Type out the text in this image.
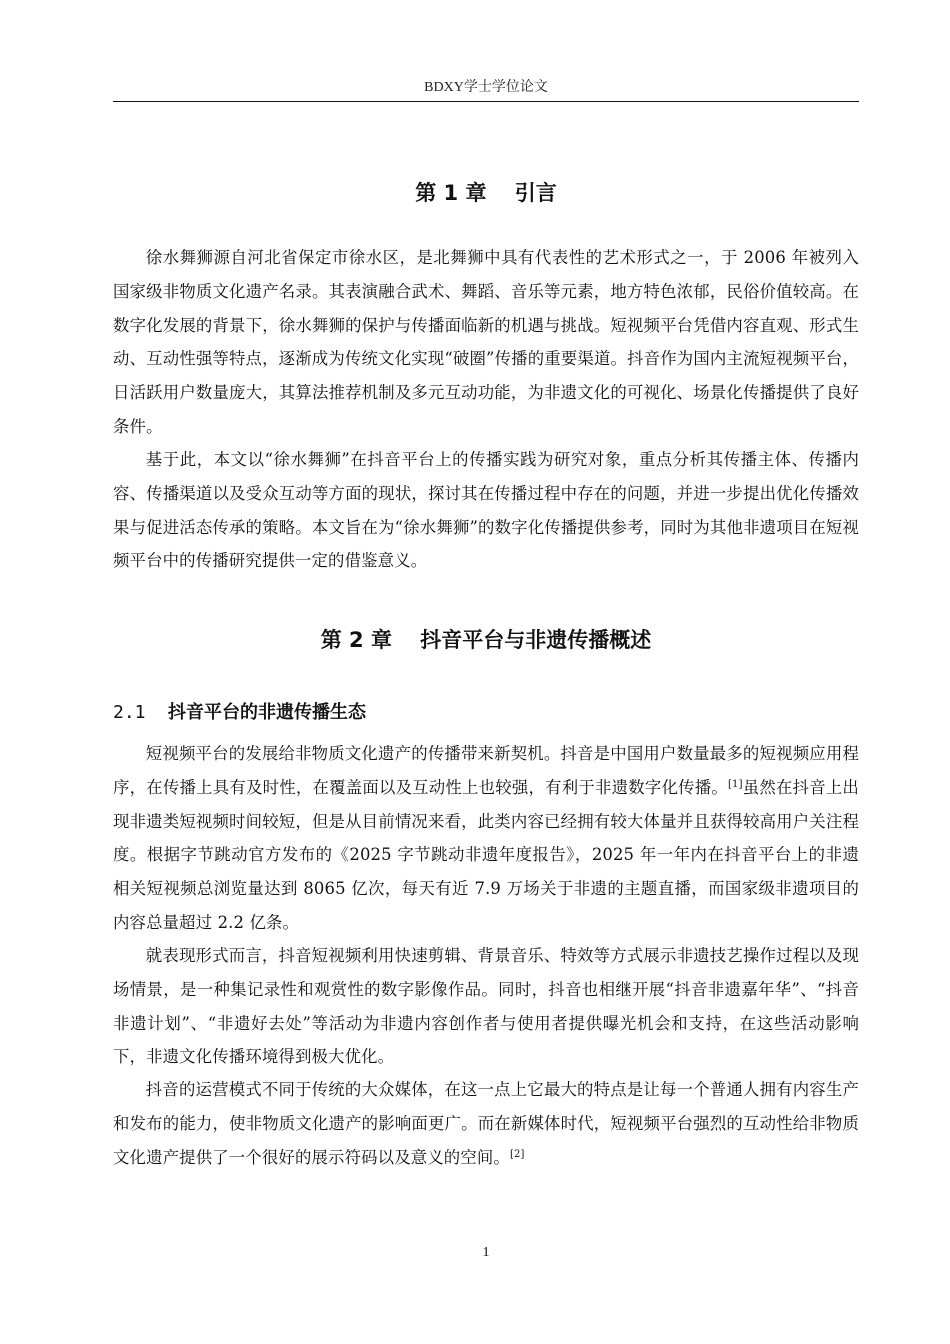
BDXY学士学位论文
第 1 章　 引言

徐水舞狮源自河北省保定市徐水区，是北舞狮中具有代表性的艺术形式之一，于 2006 年被列入国家级非物质文化遗产名录。其表演融合武术、舞蹈、音乐等元素，地方特色浓郁，民俗价值较高。在数字化发展的背景下，徐水舞狮的保护与传播面临新的机遇与挑战。短视频平台凭借内容直观、形式生动、互动性强等特点，逐渐成为传统文化实现“破圈”传播的重要渠道。抖音作为国内主流短视频平台，日活跃用户数量庞大，其算法推荐机制及多元互动功能，为非遗文化的可视化、场景化传播提供了良好条件。

基于此，本文以“徐水舞狮”在抖音平台上的传播实践为研究对象，重点分析其传播主体、传播内容、传播渠道以及受众互动等方面的现状，探讨其在传播过程中存在的问题，并进一步提出优化传播效果与促进活态传承的策略。本文旨在为“徐水舞狮”的数字化传播提供参考，同时为其他非遗项目在短视频平台中的传播研究提供一定的借鉴意义。

第 2 章　 抖音平台与非遗传播概述
2.1 抖音平台的非遗传播生态

短视频平台的发展给非物质文化遗产的传播带来新契机。抖音是中国用户数量最多的短视频应用程序，在传播上具有及时性，在覆盖面以及互动性上也较强，有利于非遗数字化传播。[1]虽然在抖音上出现非遗类短视频时间较短，但是从目前情况来看，此类内容已经拥有较大体量并且获得较高用户关注程度。根据字节跳动官方发布的《2025 字节跳动非遗年度报告》，2025 年一年内在抖音平台上的非遗相关短视频总浏览量达到 8065 亿次，每天有近 7.9 万场关于非遗的主题直播，而国家级非遗项目的内容总量超过 2.2 亿条。

就表现形式而言，抖音短视频利用快速剪辑、背景音乐、特效等方式展示非遗技艺操作过程以及现场情景，是一种集记录性和观赏性的数字影像作品。同时，抖音也相继开展“抖音非遗嘉年华”、“抖音非遗计划”、“非遗好去处”等活动为非遗内容创作者与使用者提供曝光机会和支持，在这些活动影响下，非遗文化传播环境得到极大优化。

抖音的运营模式不同于传统的大众媒体，在这一点上它最大的特点是让每一个普通人拥有内容生产和发布的能力，使非物质文化遗产的影响面更广。而在新媒体时代，短视频平台强烈的互动性给非物质文化遗产提供了一个很好的展示符码以及意义的空间。[2]

1
